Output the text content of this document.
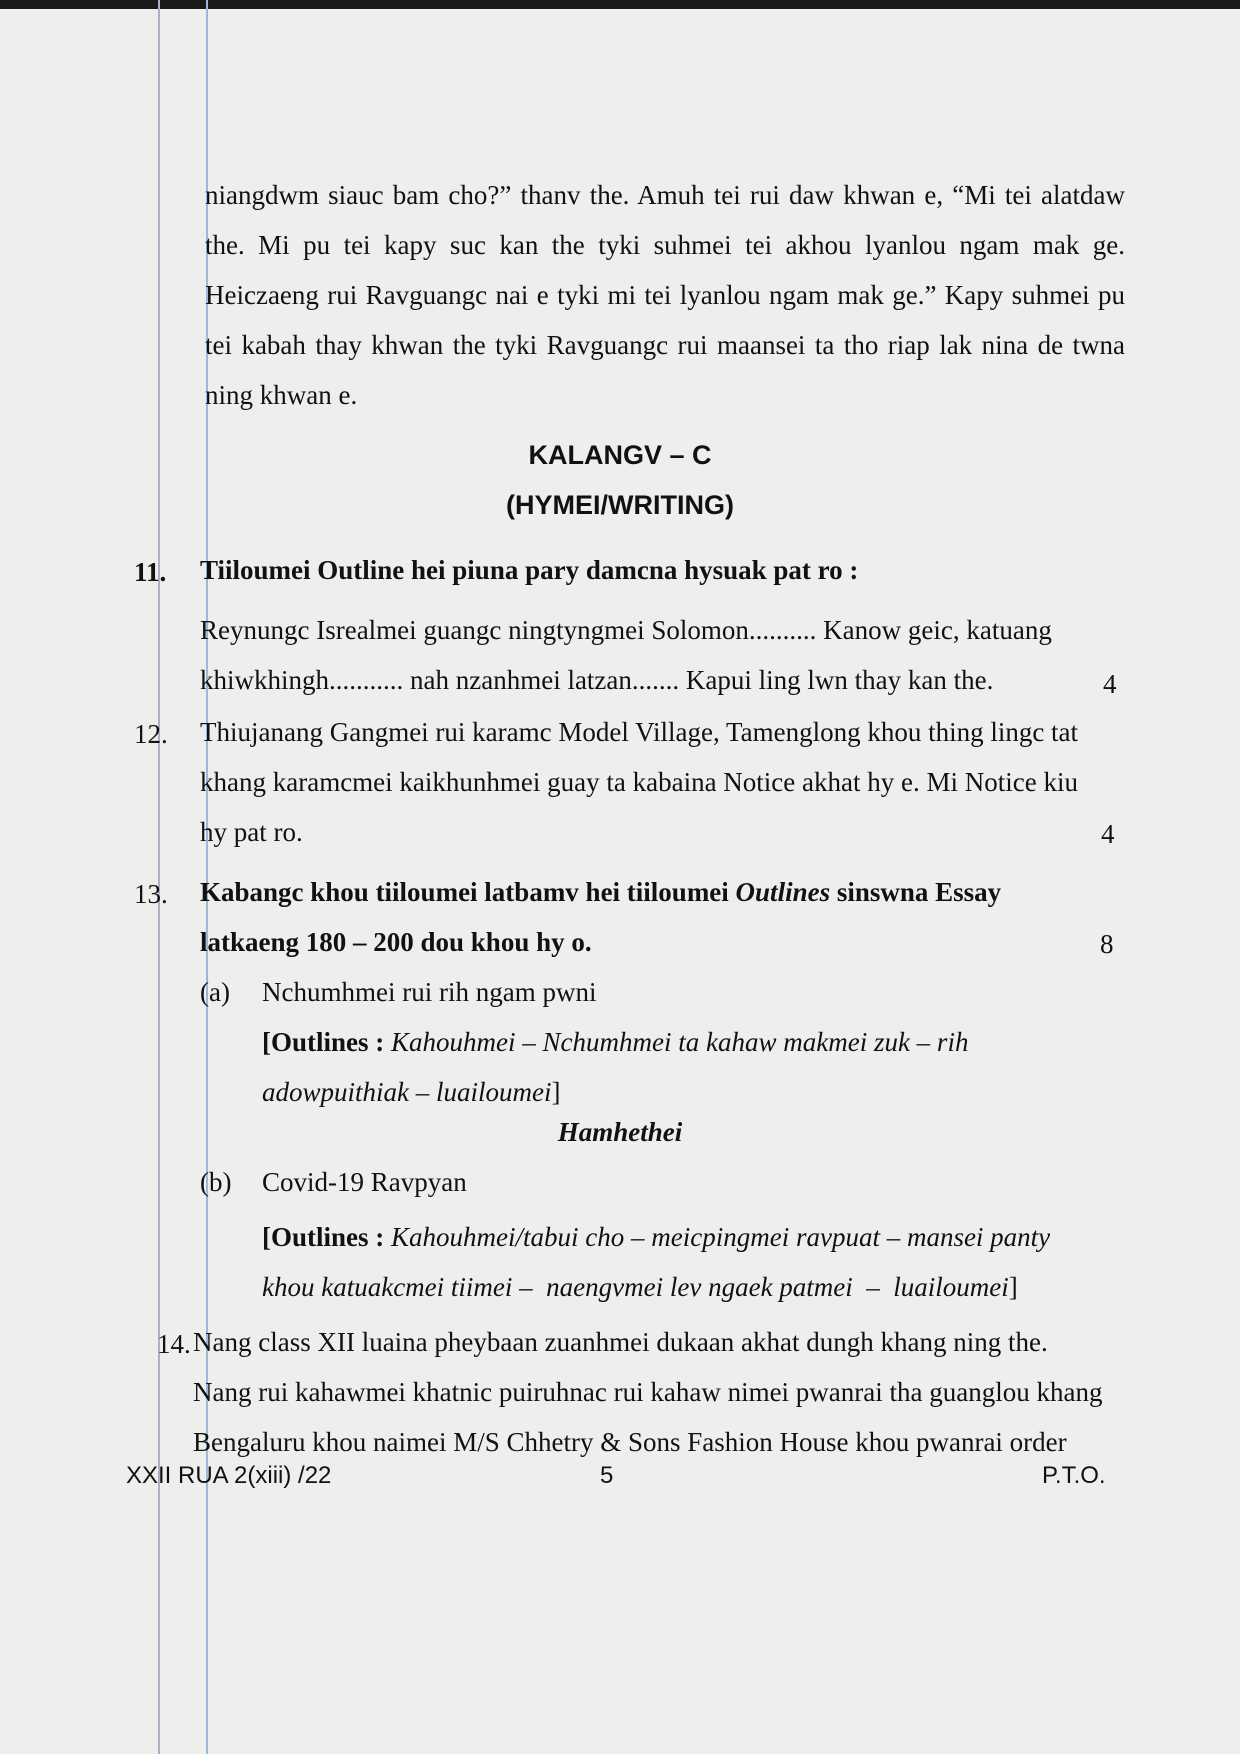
niangdwm siauc bam cho?” thanv the. Amuh tei rui daw khwan e, “Mi tei alatdaw
the. Mi pu tei kapy suc kan the tyki suhmei tei akhou lyanlou ngam mak ge.
Heiczaeng rui Ravguangc nai e tyki mi tei lyanlou ngam mak ge.” Kapy suhmei pu
tei kabah thay khwan the tyki Ravguangc rui maansei ta tho riap lak nina de twna
ning khwan e.
KALANGV – C
(HYMEI/WRITING)
11. Tiiloumei Outline hei piuna pary damcna hysuak pat ro :
Reynungc Isrealmei guangc ningtyngmei Solomon.......... Kanow geic, katuang
khiwkhingh........... nah nzanhmei latzan....... Kapui ling lwn thay kan the.	4
12. Thiujanang Gangmei rui karamc Model Village, Tamenglong khou thing lingc tat
khang karamcmei kaikhunhmei guay ta kabaina Notice akhat hy e. Mi Notice kiu
hy pat ro.	4
13. Kabangc khou tiiloumei latbamv hei tiiloumei Outlines sinswna Essay
latkaeng 180 – 200 dou khou hy o.	8
(a) Nchumhmei rui rih ngam pwni
[Outlines : Kahouhmei – Nchumhmei ta kahaw makmei zuk – rih
adowpuithiak – luailoumei]
Hamhethei
(b) Covid-19 Ravpyan
[Outlines : Kahouhmei/tabui cho – meicpingmei ravpuat – mansei panty
khou katuakcmei tiimei –  naengvmei lev ngaek patmei  –  luailoumei]
14. Nang class XII luaina pheybaan zuanhmei dukaan akhat dungh khang ning the.
Nang rui kahawmei khatnic puiruhnac rui kahaw nimei pwanrai tha guanglou khang
Bengaluru khou naimei M/S Chhetry & Sons Fashion House khou pwanrai order
XXII RUA 2(xiii) /22	5	P.T.O.
